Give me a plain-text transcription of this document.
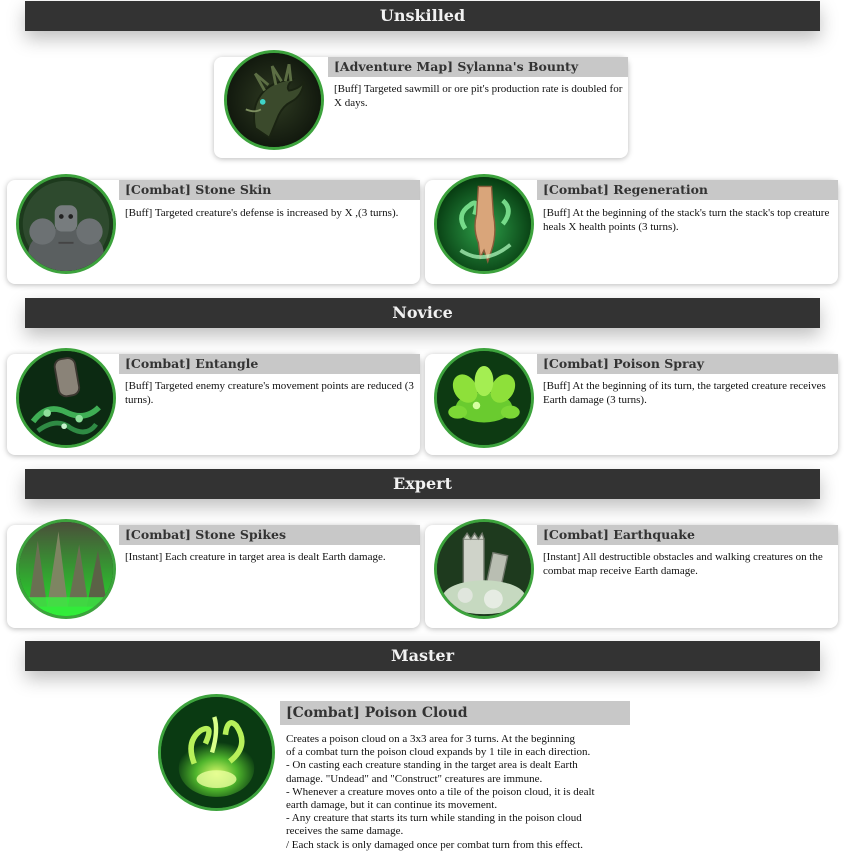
Unskilled
[Adventure Map] Sylanna's Bounty
[Buff] Targeted sawmill or ore pit's production rate is doubled for X days.
[Combat] Stone Skin
[Buff] Targeted creature's defense is increased by X ,(3 turns).
[Combat] Regeneration
[Buff] At the beginning of the stack's turn the stack's top creature heals X health points (3 turns).
Novice
[Combat] Entangle
[Buff] Targeted enemy creature's movement points are reduced (3 turns).
[Combat] Poison Spray
[Buff] At the beginning of its turn, the targeted creature receives Earth damage (3 turns).
Expert
[Combat] Stone Spikes
[Instant] Each creature in target area is dealt Earth damage.
[Combat] Earthquake
[Instant] All destructible obstacles and walking creatures on the combat map receive Earth damage.
Master
[Combat] Poison Cloud
Creates a poison cloud on a 3x3 area for 3 turns. At the beginning
of a combat turn the poison cloud expands by 1 tile in each direction.
- On casting each creature standing in the target area is dealt Earth
damage. "Undead" and "Construct" creatures are immune.
- Whenever a creature moves onto a tile of the poison cloud, it is dealt
earth damage, but it can continue its movement.
- Any creature that starts its turn while standing in the poison cloud
receives the same damage.
/ Each stack is only damaged once per combat turn from this effect.
